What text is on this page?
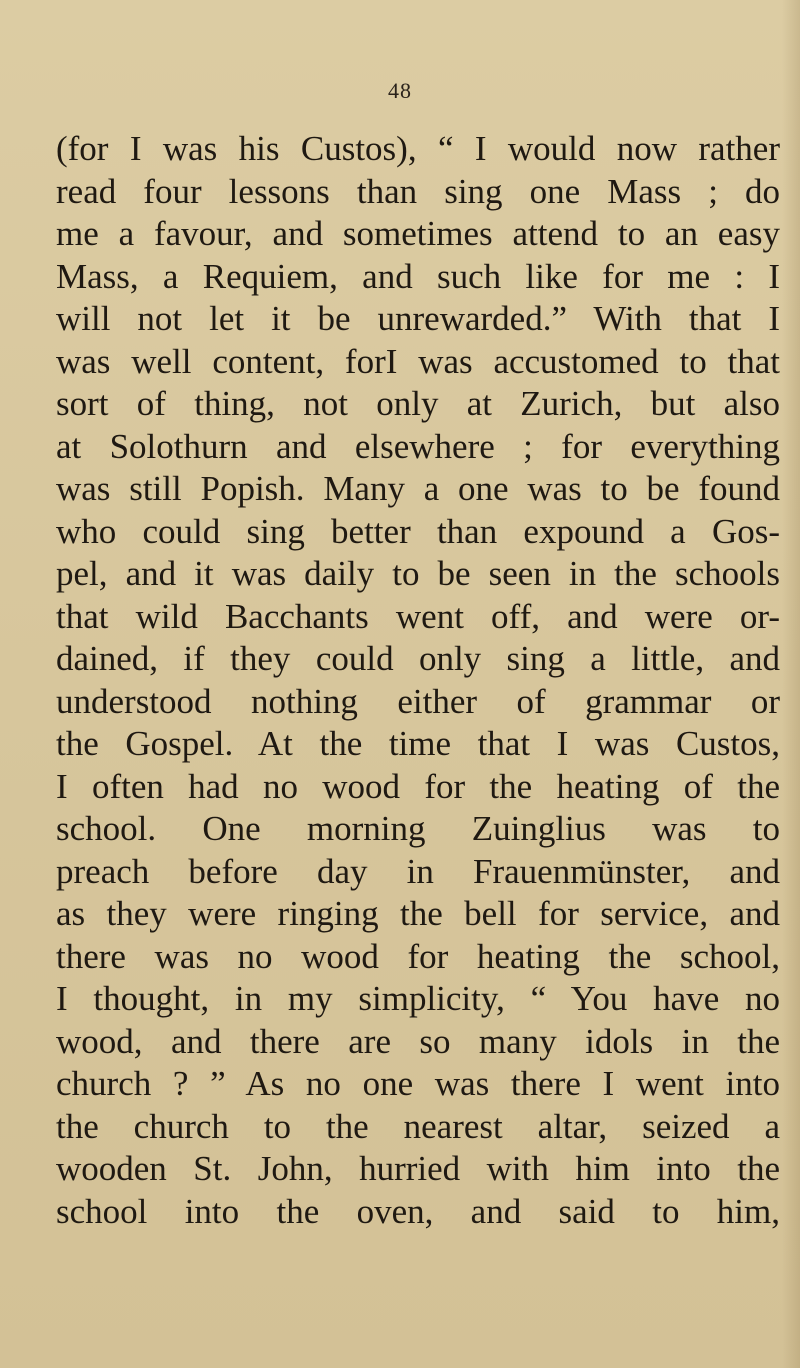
48
(for I was his Custos), “ I would now rather
read four lessons than sing one Mass ; do
me a favour, and sometimes attend to an easy
Mass, a Requiem, and such like for me : I
will not let it be unrewarded.” With that I
was well content, forI was accustomed to that
sort of thing, not only at Zurich, but also
at Solothurn and elsewhere ; for everything
was still Popish. Many a one was to be found
who could sing better than expound a Gos-
pel, and it was daily to be seen in the schools
that wild Bacchants went off, and were or-
dained, if they could only sing a little, and
understood nothing either of grammar or
the Gospel. At the time that I was Custos,
I often had no wood for the heating of the
school. One morning Zuinglius was to
preach before day in Frauenmünster, and
as they were ringing the bell for service, and
there was no wood for heating the school,
I thought, in my simplicity, “ You have no
wood, and there are so many idols in the
church ? ” As no one was there I went into
the church to the nearest altar, seized a
wooden St. John, hurried with him into the
school into the oven, and said to him,
